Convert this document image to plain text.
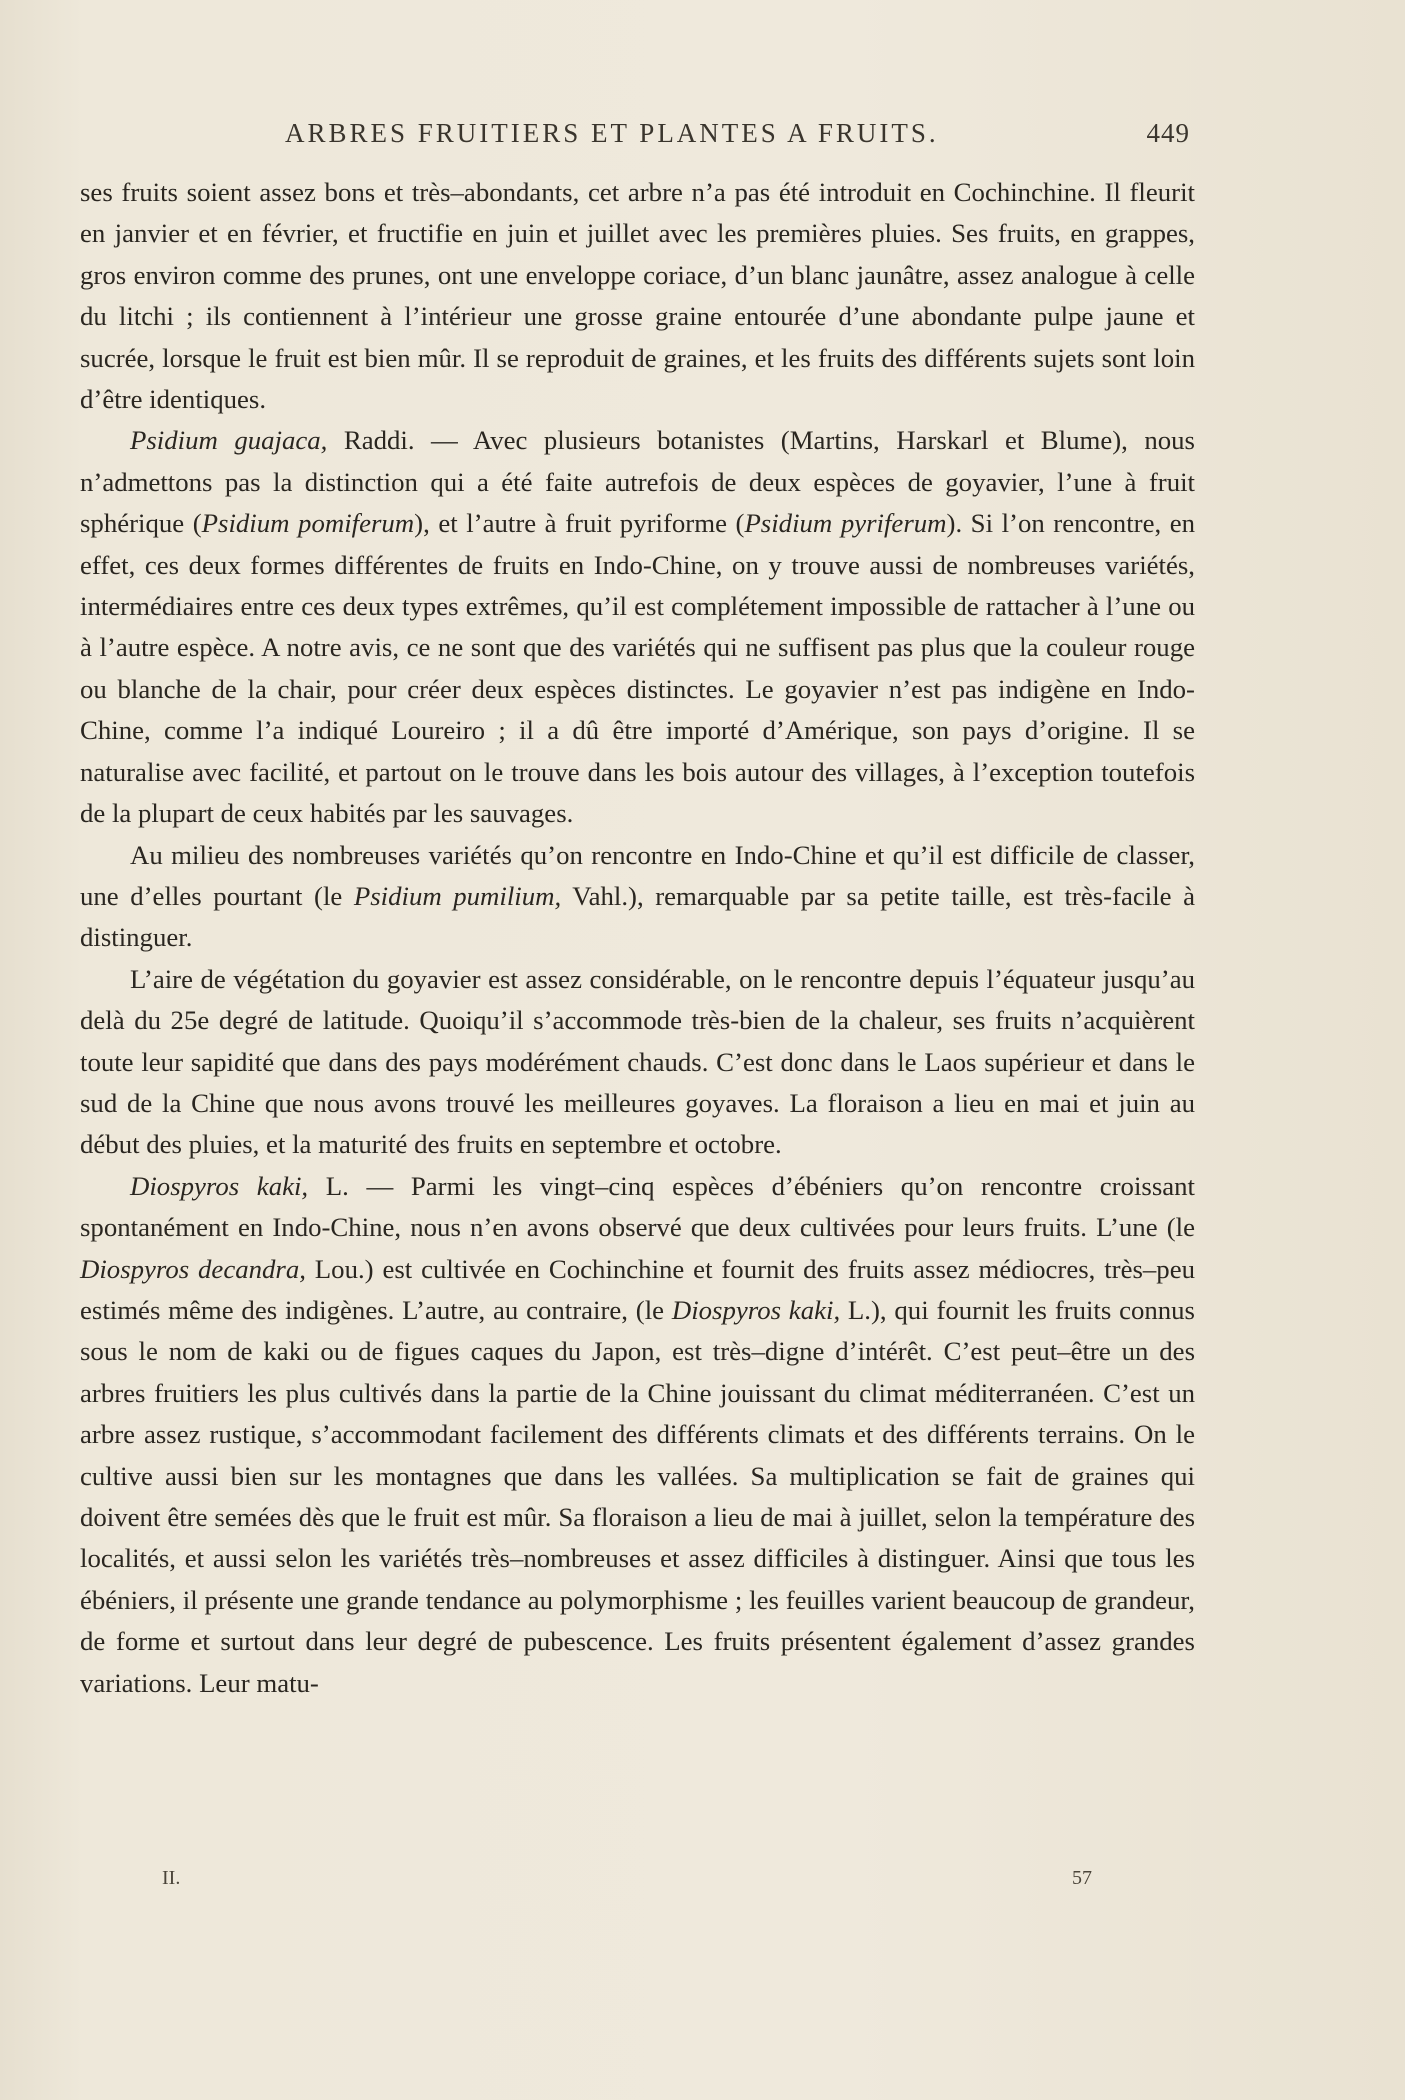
ARBRES FRUITIERS ET PLANTES A FRUITS.	449

ses fruits soient assez bons et très–abondants, cet arbre n’a pas été introduit en Cochinchine. Il fleurit en janvier et en février, et fructifie en juin et juillet avec les premières pluies. Ses fruits, en grappes, gros environ comme des prunes, ont une enveloppe coriace, d’un blanc jaunâtre, assez analogue à celle du litchi ; ils contiennent à l’intérieur une grosse graine entourée d’une abondante pulpe jaune et sucrée, lorsque le fruit est bien mûr. Il se reproduit de graines, et les fruits des différents sujets sont loin d’être identiques.

Psidium guajaca, Raddi. — Avec plusieurs botanistes (Martins, Harskarl et Blume), nous n’admettons pas la distinction qui a été faite autrefois de deux espèces de goyavier, l’une à fruit sphérique (Psidium pomiferum), et l’autre à fruit pyriforme (Psidium pyriferum). Si l’on rencontre, en effet, ces deux formes différentes de fruits en Indo-Chine, on y trouve aussi de nombreuses variétés, intermédiaires entre ces deux types extrêmes, qu’il est complétement impossible de rattacher à l’une ou à l’autre espèce. A notre avis, ce ne sont que des variétés qui ne suffisent pas plus que la couleur rouge ou blanche de la chair, pour créer deux espèces distinctes. Le goyavier n’est pas indigène en Indo-Chine, comme l’a indiqué Loureiro ; il a dû être importé d’Amérique, son pays d’origine. Il se naturalise avec facilité, et partout on le trouve dans les bois autour des villages, à l’exception toutefois de la plupart de ceux habités par les sauvages.

Au milieu des nombreuses variétés qu’on rencontre en Indo-Chine et qu’il est difficile de classer, une d’elles pourtant (le Psidium pumilium, Vahl.), remarquable par sa petite taille, est très-facile à distinguer.

L’aire de végétation du goyavier est assez considérable, on le rencontre depuis l’équateur jusqu’au delà du 25e degré de latitude. Quoiqu’il s’accommode très-bien de la chaleur, ses fruits n’acquièrent toute leur sapidité que dans des pays modérément chauds. C’est donc dans le Laos supérieur et dans le sud de la Chine que nous avons trouvé les meilleures goyaves. La floraison a lieu en mai et juin au début des pluies, et la maturité des fruits en septembre et octobre.

Diospyros kaki, L. — Parmi les vingt–cinq espèces d’ébéniers qu’on rencontre croissant spontanément en Indo-Chine, nous n’en avons observé que deux cultivées pour leurs fruits. L’une (le Diospyros decandra, Lou.) est cultivée en Cochinchine et fournit des fruits assez médiocres, très–peu estimés même des indigènes. L’autre, au contraire, (le Diospyros kaki, L.), qui fournit les fruits connus sous le nom de kaki ou de figues caques du Japon, est très–digne d’intérêt. C’est peut–être un des arbres fruitiers les plus cultivés dans la partie de la Chine jouissant du climat méditerranéen. C’est un arbre assez rustique, s’accommodant facilement des différents climats et des différents terrains. On le cultive aussi bien sur les montagnes que dans les vallées. Sa multiplication se fait de graines qui doivent être semées dès que le fruit est mûr. Sa floraison a lieu de mai à juillet, selon la température des localités, et aussi selon les variétés très–nombreuses et assez difficiles à distinguer. Ainsi que tous les ébéniers, il présente une grande tendance au polymorphisme ; les feuilles varient beaucoup de grandeur, de forme et surtout dans leur degré de pubescence. Les fruits présentent également d’assez grandes variations. Leur matu-

II.	57
